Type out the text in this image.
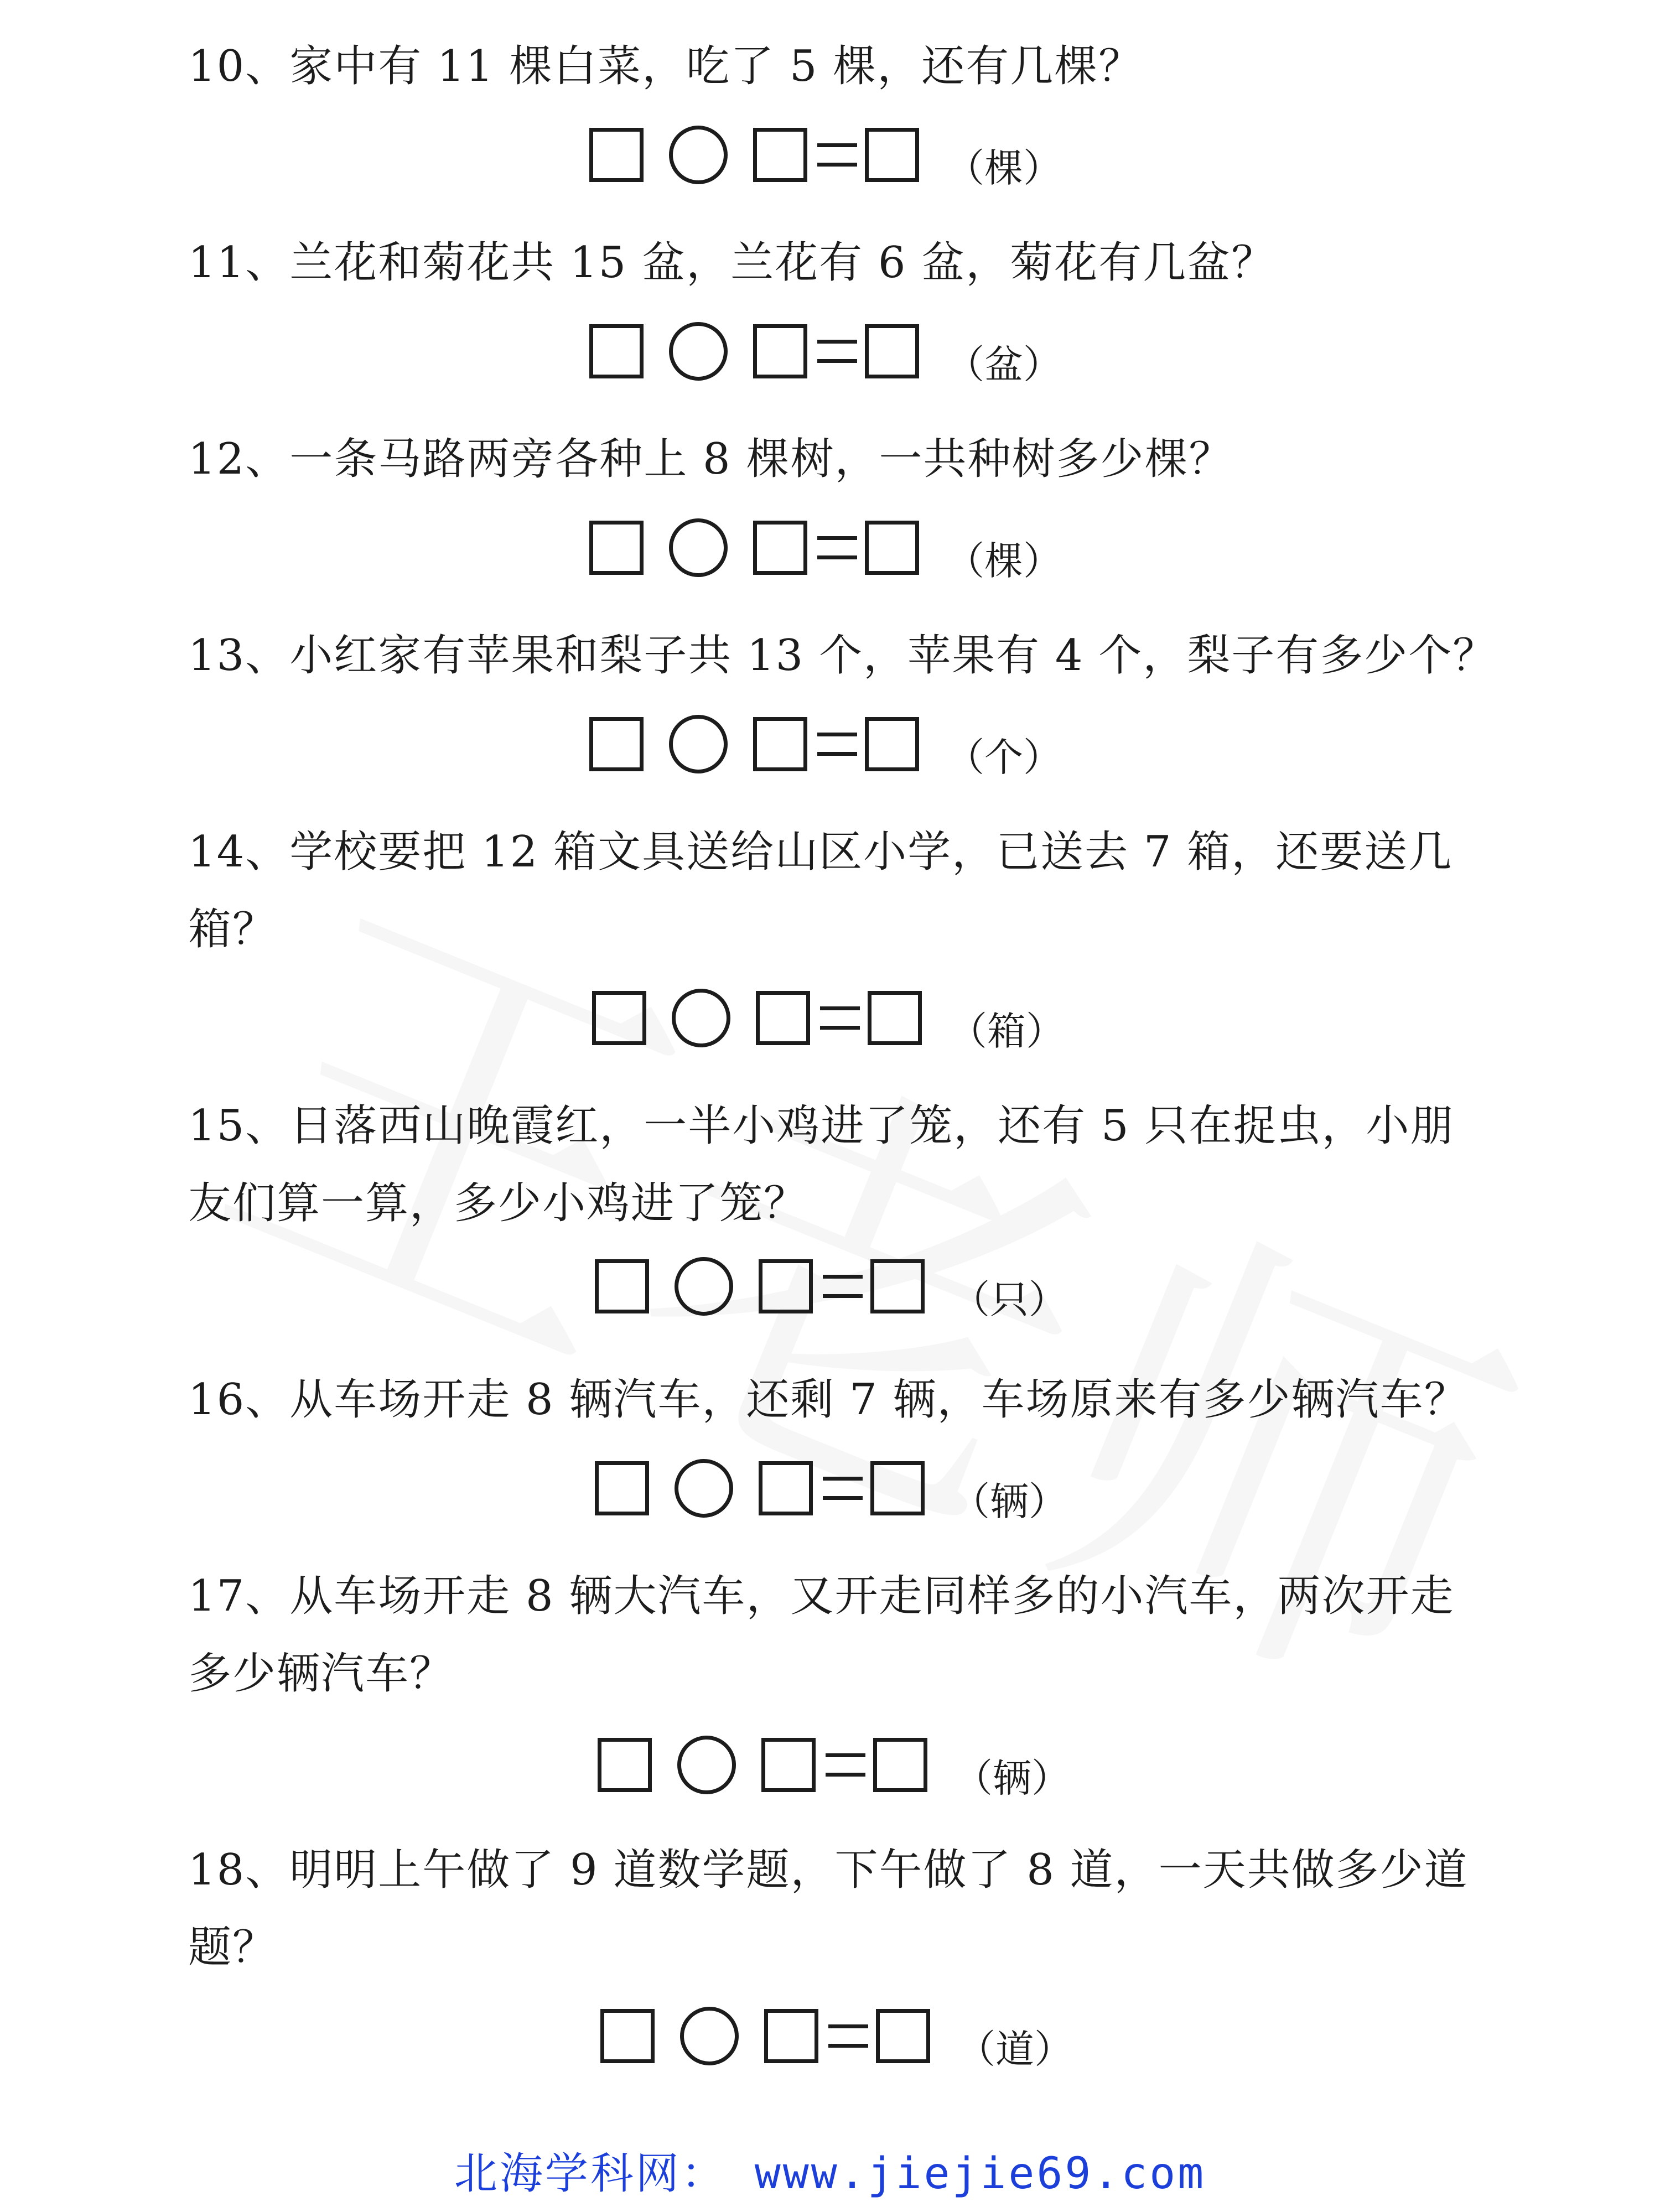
10、家中有 11 棵白菜，吃了 5 棵，还有几棵？
（棵）
11、兰花和菊花共 15 盆，兰花有 6 盆，菊花有几盆？
（盆）
12、一条马路两旁各种上 8 棵树，一共种树多少棵？
（棵）
13、小红家有苹果和梨子共 13 个，苹果有 4 个，梨子有多少个？
（个）
14、学校要把 12 箱文具送给山区小学，已送去 7 箱，还要送几
箱？
（箱）
15、日落西山晚霞红，一半小鸡进了笼，还有 5 只在捉虫，小朋
友们算一算，多少小鸡进了笼？
（只）
16、从车场开走 8 辆汽车，还剩 7 辆，车场原来有多少辆汽车？
（辆）
17、从车场开走 8 辆大汽车，又开走同样多的小汽车，两次开走
多少辆汽车？
（辆）
18、明明上午做了 9 道数学题，下午做了 8 道，一天共做多少道
题？
（道）
北海学科网： www.jiejie69.com
